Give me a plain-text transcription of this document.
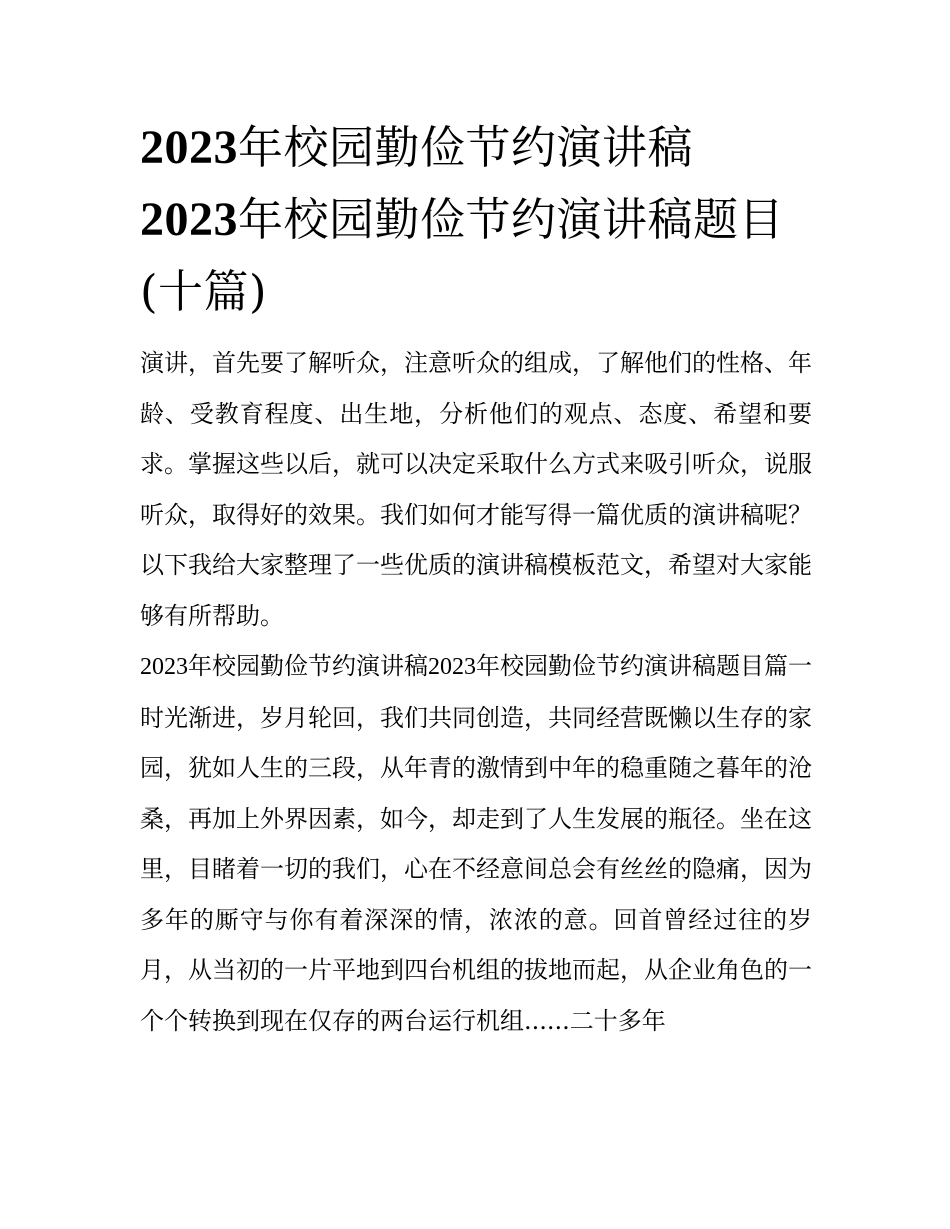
2023年校园勤俭节约演讲稿
2023年校园勤俭节约演讲稿题目(十篇)

演讲，首先要了解听众，注意听众的组成，了解他们的性格、年龄、受教育程度、出生地，分析他们的观点、态度、希望和要求。掌握这些以后，就可以决定采取什么方式来吸引听众，说服听众，取得好的效果。我们如何才能写得一篇优质的演讲稿呢？以下我给大家整理了一些优质的演讲稿模板范文，希望对大家能够有所帮助。

2023年校园勤俭节约演讲稿2023年校园勤俭节约演讲稿题目篇一

时光渐进，岁月轮回，我们共同创造，共同经营既懒以生存的家园，犹如人生的三段，从年青的激情到中年的稳重随之暮年的沧桑，再加上外界因素，如今，却走到了人生发展的瓶径。坐在这里，目睹着一切的我们，心在不经意间总会有丝丝的隐痛，因为多年的厮守与你有着深深的情，浓浓的意。回首曾经过往的岁月，从当初的一片平地到四台机组的拔地而起，从企业角色的一个个转换到现在仅存的两台运行机组......二十多年
